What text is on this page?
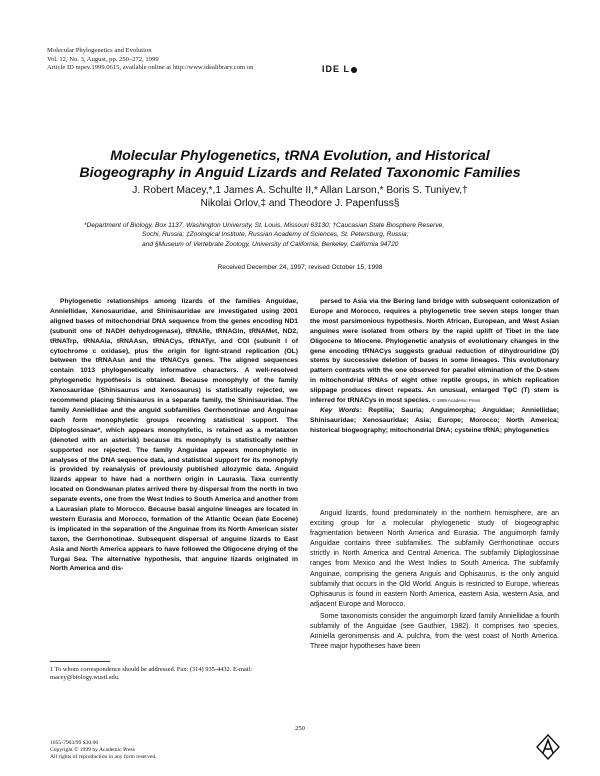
Molecular Phylogenetics and Evolution
Vol. 12, No. 3, August, pp. 250–272, 1999
Article ID mpev.1999.0615, available online at http://www.idealibrary.com on	IDE L
Molecular Phylogenetics, tRNA Evolution, and Historical
Biogeography in Anguid Lizards and Related Taxonomic Families
J. Robert Macey,*,1 James A. Schulte II,* Allan Larson,* Boris S. Tuniyev,†
Nikolai Orlov,‡ and Theodore J. Papenfuss§
*Department of Biology, Box 1137, Washington University, St. Louis, Missouri 63130; †Caucasian State Biosphere Reserve,
Sochi, Russia; ‡Zoological Institute, Russian Academy of Sciences, St. Petersburg, Russia;
and §Museum of Vertebrate Zoology, University of California, Berkeley, California 94720
Received December 24, 1997; revised October 15, 1998

Phylogenetic relationships among lizards of the families Anguidae, Anniellidae, Xenosauridae, and Shinisauridae are investigated using 2001 aligned bases of mitochondrial DNA sequence from the genes encoding ND1 (subunit one of NADH dehydrogenase), tRNAIle, tRNAGln, tRNAMet, ND2, tRNATrp, tRNAAla, tRNAAsn, tRNACys, tRNATyr, and COI (subunit I of cytochrome c oxidase), plus the origin for light-strand replication (OL) between the tRNAAsn and the tRNACys genes. The aligned sequences contain 1013 phylogenetically informative characters. A well-resolved phylogenetic hypothesis is obtained. Because monophyly of the family Xenosauridae (Shinisaurus and Xenosaurus) is statistically rejected, we recommend placing Shinisaurus in a separate family, the Shinisauridae. The family Anniellidae and the anguid subfamilies Gerrhonotinae and Anguinae each form monophyletic groups receiving statistical support. The Diploglossinae*, which appears monophyletic, is retained as a metataxon (denoted with an asterisk) because its monophyly is statistically neither supported nor rejected. The family Anguidae appears monophyletic in analyses of the DNA sequence data, and statistical support for its monophyly is provided by reanalysis of previously published allozymic data. Anguid lizards appear to have had a northern origin in Laurasia. Taxa currently located on Gondwanan plates arrived there by dispersal from the north in two separate events, one from the West Indies to South America and another from a Laurasian plate to Morocco. Because basal anguine lineages are located in western Eurasia and Morocco, formation of the Atlantic Ocean (late Eocene) is implicated in the separation of the Anguinae from its North American sister taxon, the Gerrhonotinae. Subsequent dispersal of anguine lizards to East Asia and North America appears to have followed the Oligocene drying of the Turgai Sea. The alternative hypothesis, that anguine lizards originated in North America and dis-

persed to Asia via the Bering land bridge with subsequent colonization of Europe and Morocco, requires a phylogenetic tree seven steps longer than the most parsimonious hypothesis. North African, European, and West Asian anguines were isolated from others by the rapid uplift of Tibet in the late Oligocene to Miocene. Phylogenetic analysis of evolutionary changes in the gene encoding tRNACys suggests gradual reduction of dihydrouridine (D) stems by successive deletion of bases in some lineages. This evolutionary pattern contrasts with the one observed for parallel elimination of the D-stem in mitochondrial tRNAs of eight other reptile groups, in which replication slippage produces direct repeats. An unusual, enlarged TψC (T) stem is inferred for tRNACys in most species. © 1999 Academic Press

Key Words: Reptilia; Sauria; Anguimorpha; Anguidae; Anniellidae; Shinisauridae; Xenosauridae; Asia; Europe; Morocco; North America; historical biogeography; mitochondrial DNA; cysteine tRNA; phylogenetics

Anguid lizards, found predominately in the northern hemisphere, are an exciting group for a molecular phylogenetic study of biogeographic fragmentation between North America and Eurasia. The anguimorph family Anguidae contains three subfamilies. The subfamily Gerrhonotinae occurs strictly in North America and Central America. The subfamily Diploglossinae ranges from Mexico and the West Indies to South America. The subfamily Anguinae, comprising the genera Anguis and Ophisaurus, is the only anguid subfamily that occurs in the Old World. Anguis is restricted to Europe, whereas Ophisaurus is found in eastern North America, eastern Asia, western Asia, and adjacent Europe and Morocco.

Some taxonomists consider the anguimorph lizard family Anniellidae a fourth subfamily of the Anguidae (see Gauthier, 1982). It comprises two species, Anniella geronimensis and A. pulchra, from the west coast of North America. Three major hypotheses have been

1 To whom correspondence should be addressed. Fax: (314) 935-4432. E-mail: macey@biology.wustl.edu.
250
1055-7903/99 $30.00
Copyright © 1999 by Academic Press
All rights of reproduction in any form reserved.
